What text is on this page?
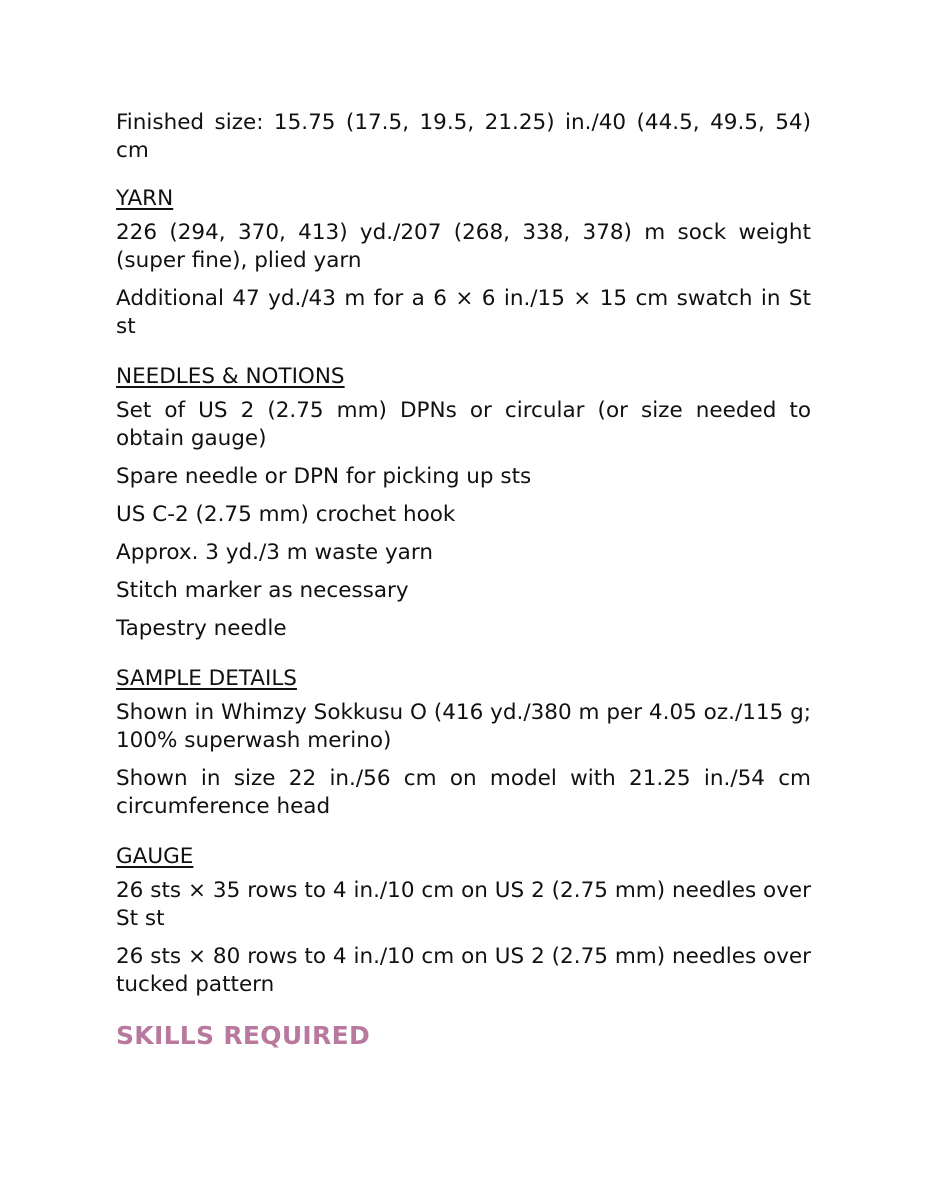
Finished size: 15.75 (17.5, 19.5, 21.25) in./40 (44.5, 49.5, 54) cm

YARN

226 (294, 370, 413) yd./207 (268, 338, 378) m sock weight (super fine), plied yarn

Additional 47 yd./43 m for a 6 × 6 in./15 × 15 cm swatch in St st

NEEDLES & NOTIONS

Set of US 2 (2.75 mm) DPNs or circular (or size needed to obtain gauge)

Spare needle or DPN for picking up sts

US C-2 (2.75 mm) crochet hook

Approx. 3 yd./3 m waste yarn

Stitch marker as necessary

Tapestry needle

SAMPLE DETAILS

Shown in Whimzy Sokkusu O (416 yd./380 m per 4.05 oz./115 g; 100% superwash merino)

Shown in size 22 in./56 cm on model with 21.25 in./54 cm circumference head

GAUGE

26 sts × 35 rows to 4 in./10 cm on US 2 (2.75 mm) needles over St st

26 sts × 80 rows to 4 in./10 cm on US 2 (2.75 mm) needles over tucked pattern

SKILLS REQUIRED
